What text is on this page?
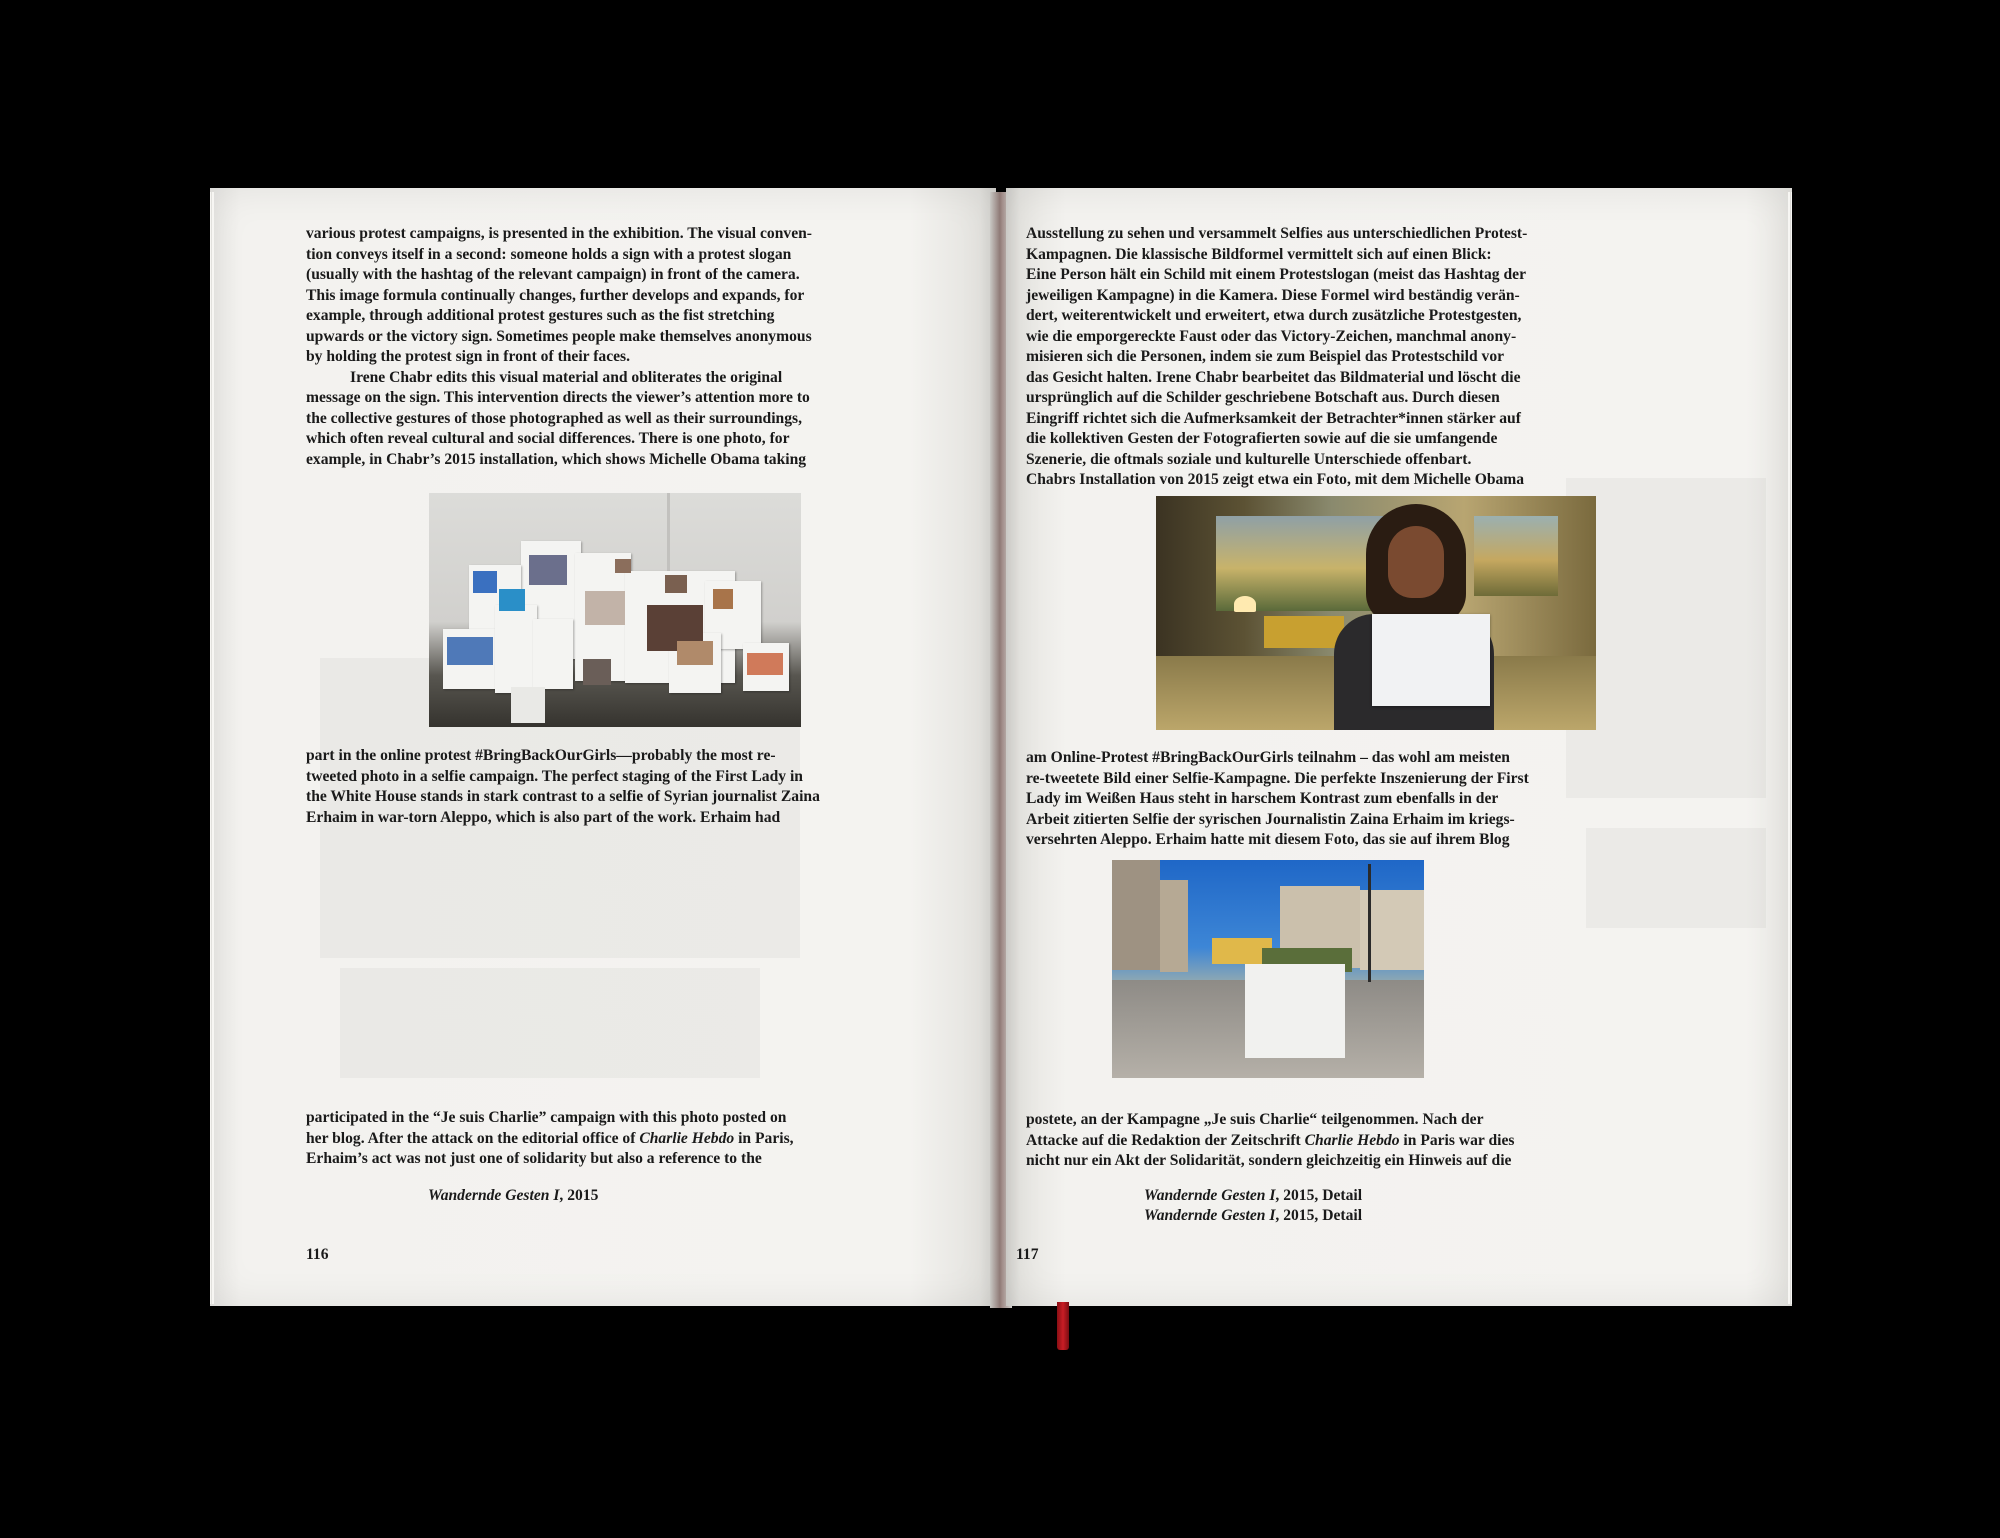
various protest campaigns, is presented in the exhibition. The visual conven-

tion conveys itself in a second: someone holds a sign with a protest slogan

(usually with the hashtag of the relevant campaign) in front of the camera.

This image formula continually changes, further develops and expands, for

example, through additional protest gestures such as the fist stretching

upwards or the victory sign. Sometimes people make themselves anonymous

by holding the protest sign in front of their faces.

Irene Chabr edits this visual material and obliterates the original

message on the sign. This intervention directs the viewer’s attention more to

the collective gestures of those photographed as well as their surroundings,

which often reveal cultural and social differences. There is one photo, for

example, in Chabr’s 2015 installation, which shows Michelle Obama taking

part in the online protest #BringBackOurGirls—probably the most re-

tweeted photo in a selfie campaign. The perfect staging of the First Lady in

the White House stands in stark contrast to a selfie of Syrian journalist Zaina

Erhaim in war-torn Aleppo, which is also part of the work. Erhaim had

participated in the “Je suis Charlie” campaign with this photo posted on

her blog. After the attack on the editorial office of Charlie Hebdo in Paris,

Erhaim’s act was not just one of solidarity but also a reference to the

Wandernde Gesten I, 2015
116

Ausstellung zu sehen und versammelt Selfies aus unterschiedlichen Protest-

Kampagnen. Die klassische Bildformel vermittelt sich auf einen Blick:

Eine Person hält ein Schild mit einem Protestslogan (meist das Hashtag der

jeweiligen Kampagne) in die Kamera. Diese Formel wird beständig verän-

dert, weiterentwickelt und erweitert, etwa durch zusätzliche Protestgesten,

wie die emporgereckte Faust oder das Victory-Zeichen, manchmal anony-

misieren sich die Personen, indem sie zum Beispiel das Protestschild vor

das Gesicht halten. Irene Chabr bearbeitet das Bildmaterial und löscht die

ursprünglich auf die Schilder geschriebene Botschaft aus. Durch diesen

Eingriff richtet sich die Aufmerksamkeit der Betrachter*innen stärker auf

die kollektiven Gesten der Fotografierten sowie auf die sie umfangende

Szenerie, die oftmals soziale und kulturelle Unterschiede offenbart.

Chabrs Installation von 2015 zeigt etwa ein Foto, mit dem Michelle Obama

am Online-Protest #BringBackOurGirls teilnahm – das wohl am meisten

re-tweetete Bild einer Selfie-Kampagne. Die perfekte Inszenierung der First

Lady im Weißen Haus steht in harschem Kontrast zum ebenfalls in der

Arbeit zitierten Selfie der syrischen Journalistin Zaina Erhaim im kriegs-

versehrten Aleppo. Erhaim hatte mit diesem Foto, das sie auf ihrem Blog

postete, an der Kampagne „Je suis Charlie“ teilgenommen. Nach der

Attacke auf die Redaktion der Zeitschrift Charlie Hebdo in Paris war dies

nicht nur ein Akt der Solidarität, sondern gleichzeitig ein Hinweis auf die

Wandernde Gesten I, 2015, Detail
Wandernde Gesten I, 2015, Detail
117
